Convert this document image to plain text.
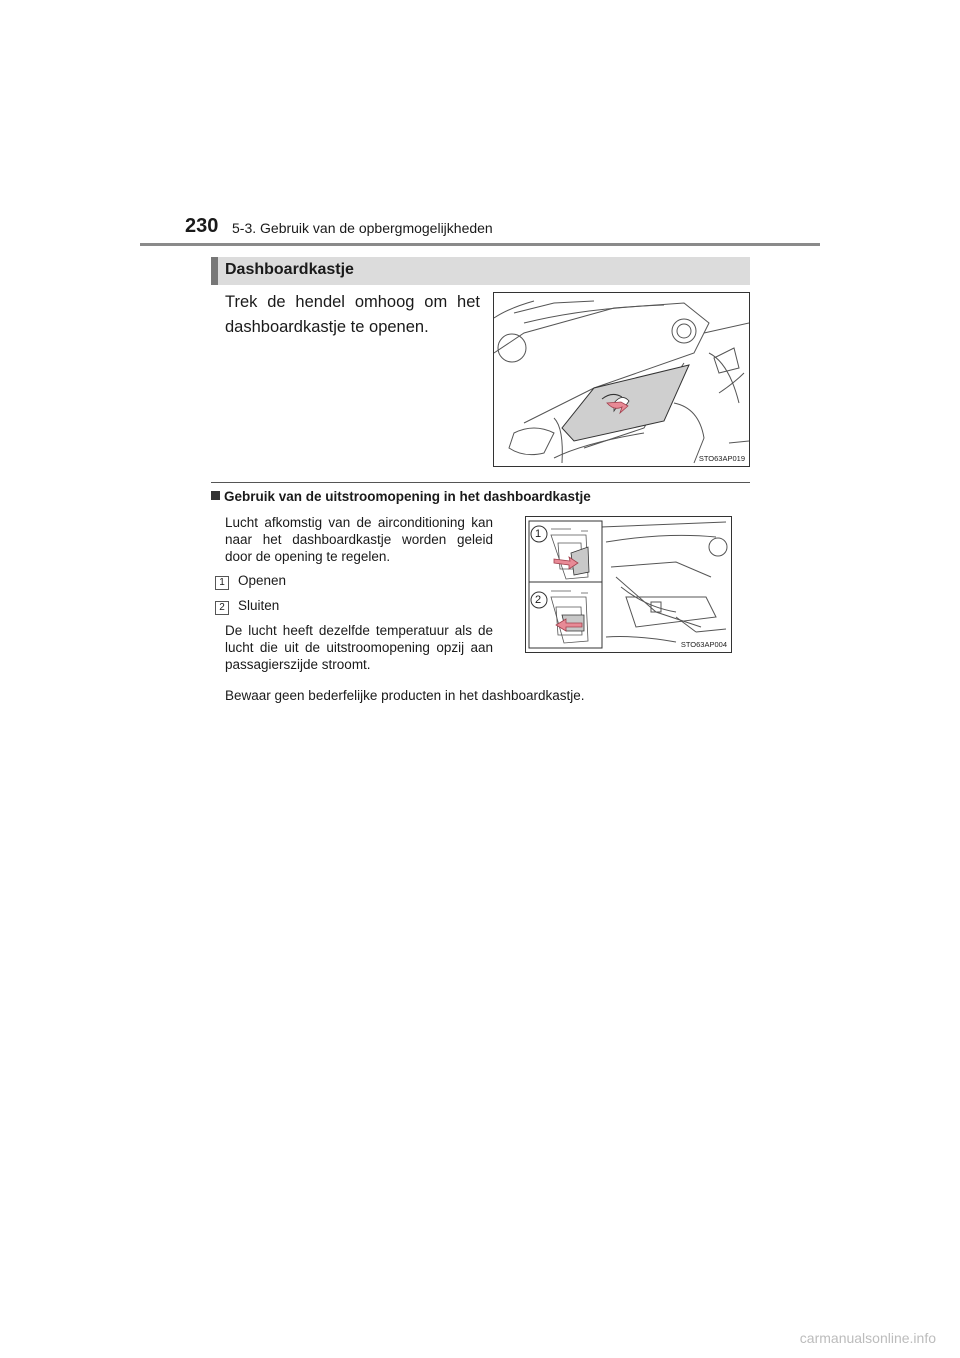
230 5-3. Gebruik van de opbergmogelijkheden
Dashboardkastje
Trek de hendel omhoog om het dashboardkastje te openen.
STO63AP019
Gebruik van de uitstroomopening in het dashboardkastje
Lucht afkomstig van de airconditioning kan naar het dashboardkastje worden geleid door de opening te regelen.
1 Openen
2 Sluiten
De lucht heeft dezelfde temperatuur als de lucht die uit de uitstroomopening opzij aan passagierszijde stroomt.
Bewaar geen bederfelijke producten in het dashboardkastje.
1
2
STO63AP004
carmanualsonline.info
